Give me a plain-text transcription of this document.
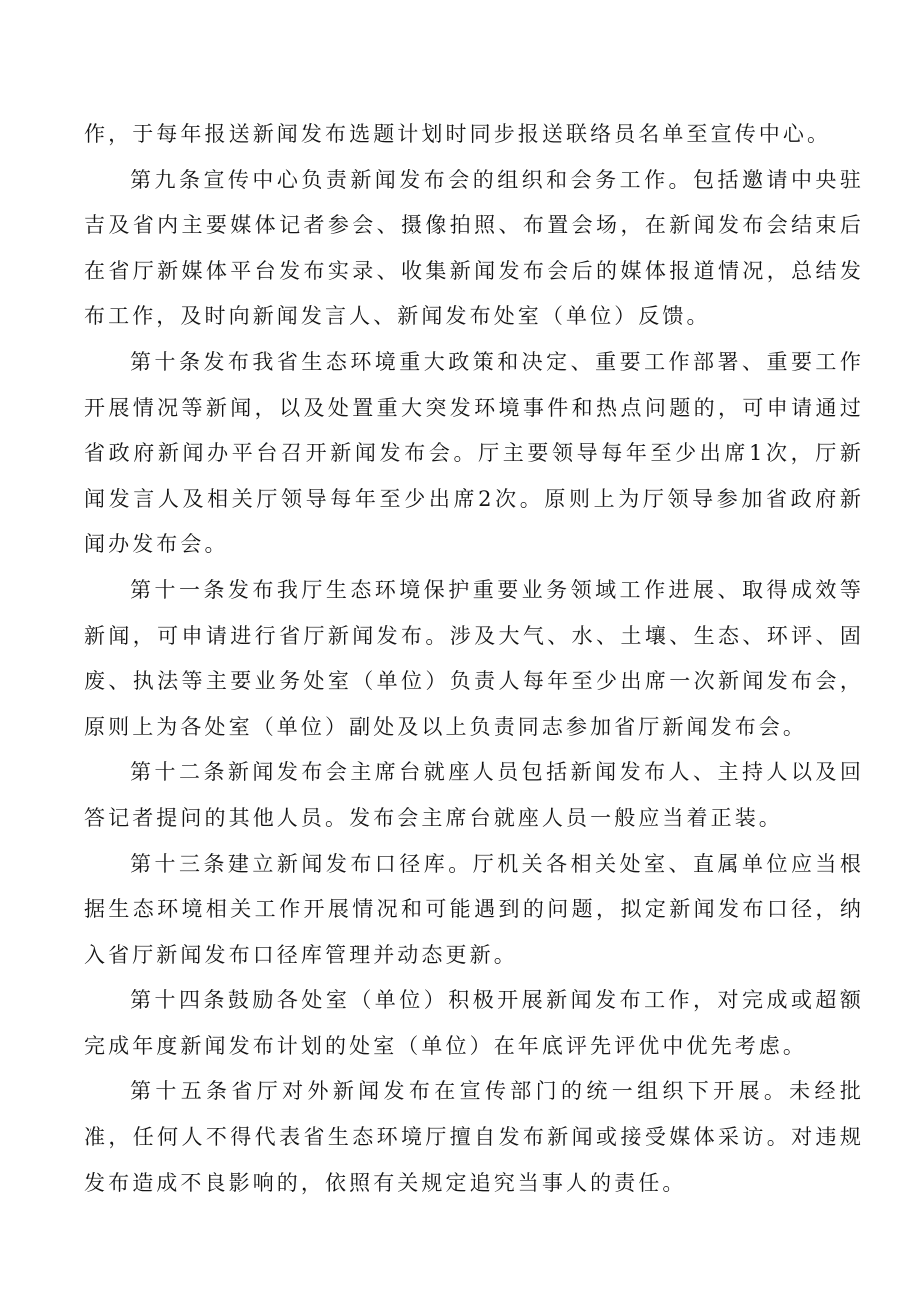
作，于每年报送新闻发布选题计划时同步报送联络员名单至宣传中心。

第九条宣传中心负责新闻发布会的组织和会务工作。包括邀请中央驻吉及省内主要媒体记者参会、摄像拍照、布置会场，在新闻发布会结束后在省厅新媒体平台发布实录、收集新闻发布会后的媒体报道情况，总结发布工作，及时向新闻发言人、新闻发布处室（单位）反馈。

第十条发布我省生态环境重大政策和决定、重要工作部署、重要工作开展情况等新闻，以及处置重大突发环境事件和热点问题的，可申请通过省政府新闻办平台召开新闻发布会。厅主要领导每年至少出席1次，厅新闻发言人及相关厅领导每年至少出席2次。原则上为厅领导参加省政府新闻办发布会。

第十一条发布我厅生态环境保护重要业务领域工作进展、取得成效等新闻，可申请进行省厅新闻发布。涉及大气、水、土壤、生态、环评、固废、执法等主要业务处室（单位）负责人每年至少出席一次新闻发布会，原则上为各处室（单位）副处及以上负责同志参加省厅新闻发布会。

第十二条新闻发布会主席台就座人员包括新闻发布人、主持人以及回答记者提问的其他人员。发布会主席台就座人员一般应当着正装。

第十三条建立新闻发布口径库。厅机关各相关处室、直属单位应当根据生态环境相关工作开展情况和可能遇到的问题，拟定新闻发布口径，纳入省厅新闻发布口径库管理并动态更新。

第十四条鼓励各处室（单位）积极开展新闻发布工作，对完成或超额完成年度新闻发布计划的处室（单位）在年底评先评优中优先考虑。

第十五条省厅对外新闻发布在宣传部门的统一组织下开展。未经批准，任何人不得代表省生态环境厅擅自发布新闻或接受媒体采访。对违规发布造成不良影响的，依照有关规定追究当事人的责任。
